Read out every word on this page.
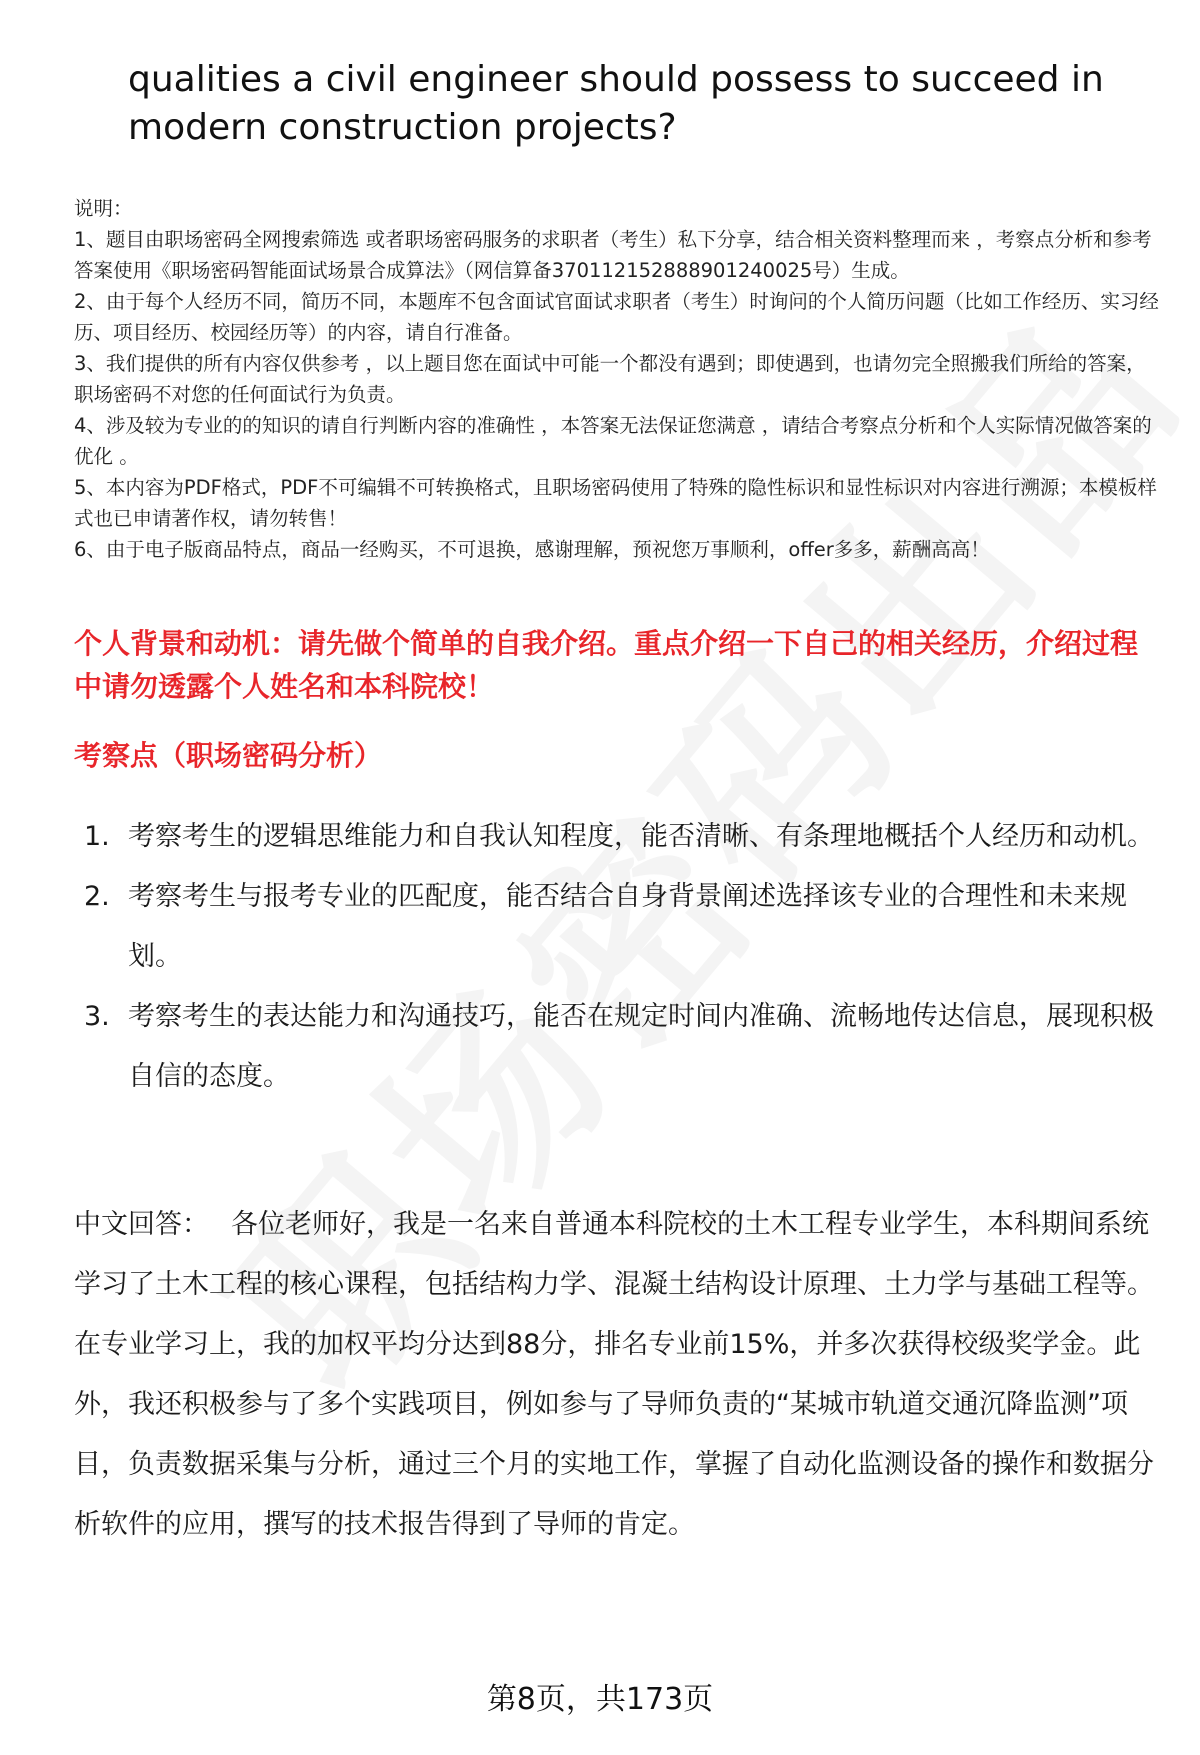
qualities a civil engineer should possess to succeed in modern construction projects?

说明：

1、题目由职场密码全网搜索筛选 或者职场密码服务的求职者（考生）私下分享，结合相关资料整理而来 ，考察点分析和参考答案使用《职场密码智能面试场景合成算法》（网信算备370112152888901240025号）生成。

2、由于每个人经历不同，简历不同，本题库不包含面试官面试求职者（考生）时询问的个人简历问题（比如工作经历、实习经历、项目经历、校园经历等）的内容，请自行准备。

3、我们提供的所有内容仅供参考 ，以上题目您在面试中可能一个都没有遇到；即使遇到，也请勿完全照搬我们所给的答案，职场密码不对您的任何面试行为负责。

4、涉及较为专业的的知识的请自行判断内容的准确性 ，本答案无法保证您满意 ，请结合考察点分析和个人实际情况做答案的优化 。

5、本内容为PDF格式，PDF不可编辑不可转换格式，且职场密码使用了特殊的隐性标识和显性标识对内容进行溯源；本模板样式也已申请著作权，请勿转售！

6、由于电子版商品特点，商品一经购买，不可退换，感谢理解，预祝您万事顺利，offer多多，薪酬高高！

个人背景和动机：请先做个简单的自我介绍。重点介绍一下自己的相关经历，介绍过程中请勿透露个人姓名和本科院校！
考察点（职场密码分析）
1. 考察考生的逻辑思维能力和自我认知程度，能否清晰、有条理地概括个人经历和动机。
2. 考察考生与报考专业的匹配度，能否结合自身背景阐述选择该专业的合理性和未来规划。
3. 考察考生的表达能力和沟通技巧，能否在规定时间内准确、流畅地传达信息，展现积极自信的态度。
中文回答： 各位老师好，我是一名来自普通本科院校的土木工程专业学生，本科期间系统学习了土木工程的核心课程，包括结构力学、混凝土结构设计原理、土力学与基础工程等。在专业学习上，我的加权平均分达到88分，排名专业前15%，并多次获得校级奖学金。此外，我还积极参与了多个实践项目，例如参与了导师负责的“某城市轨道交通沉降监测”项目，负责数据采集与分析，通过三个月的实地工作，掌握了自动化监测设备的操作和数据分析软件的应用，撰写的技术报告得到了导师的肯定。
第8页，共173页
